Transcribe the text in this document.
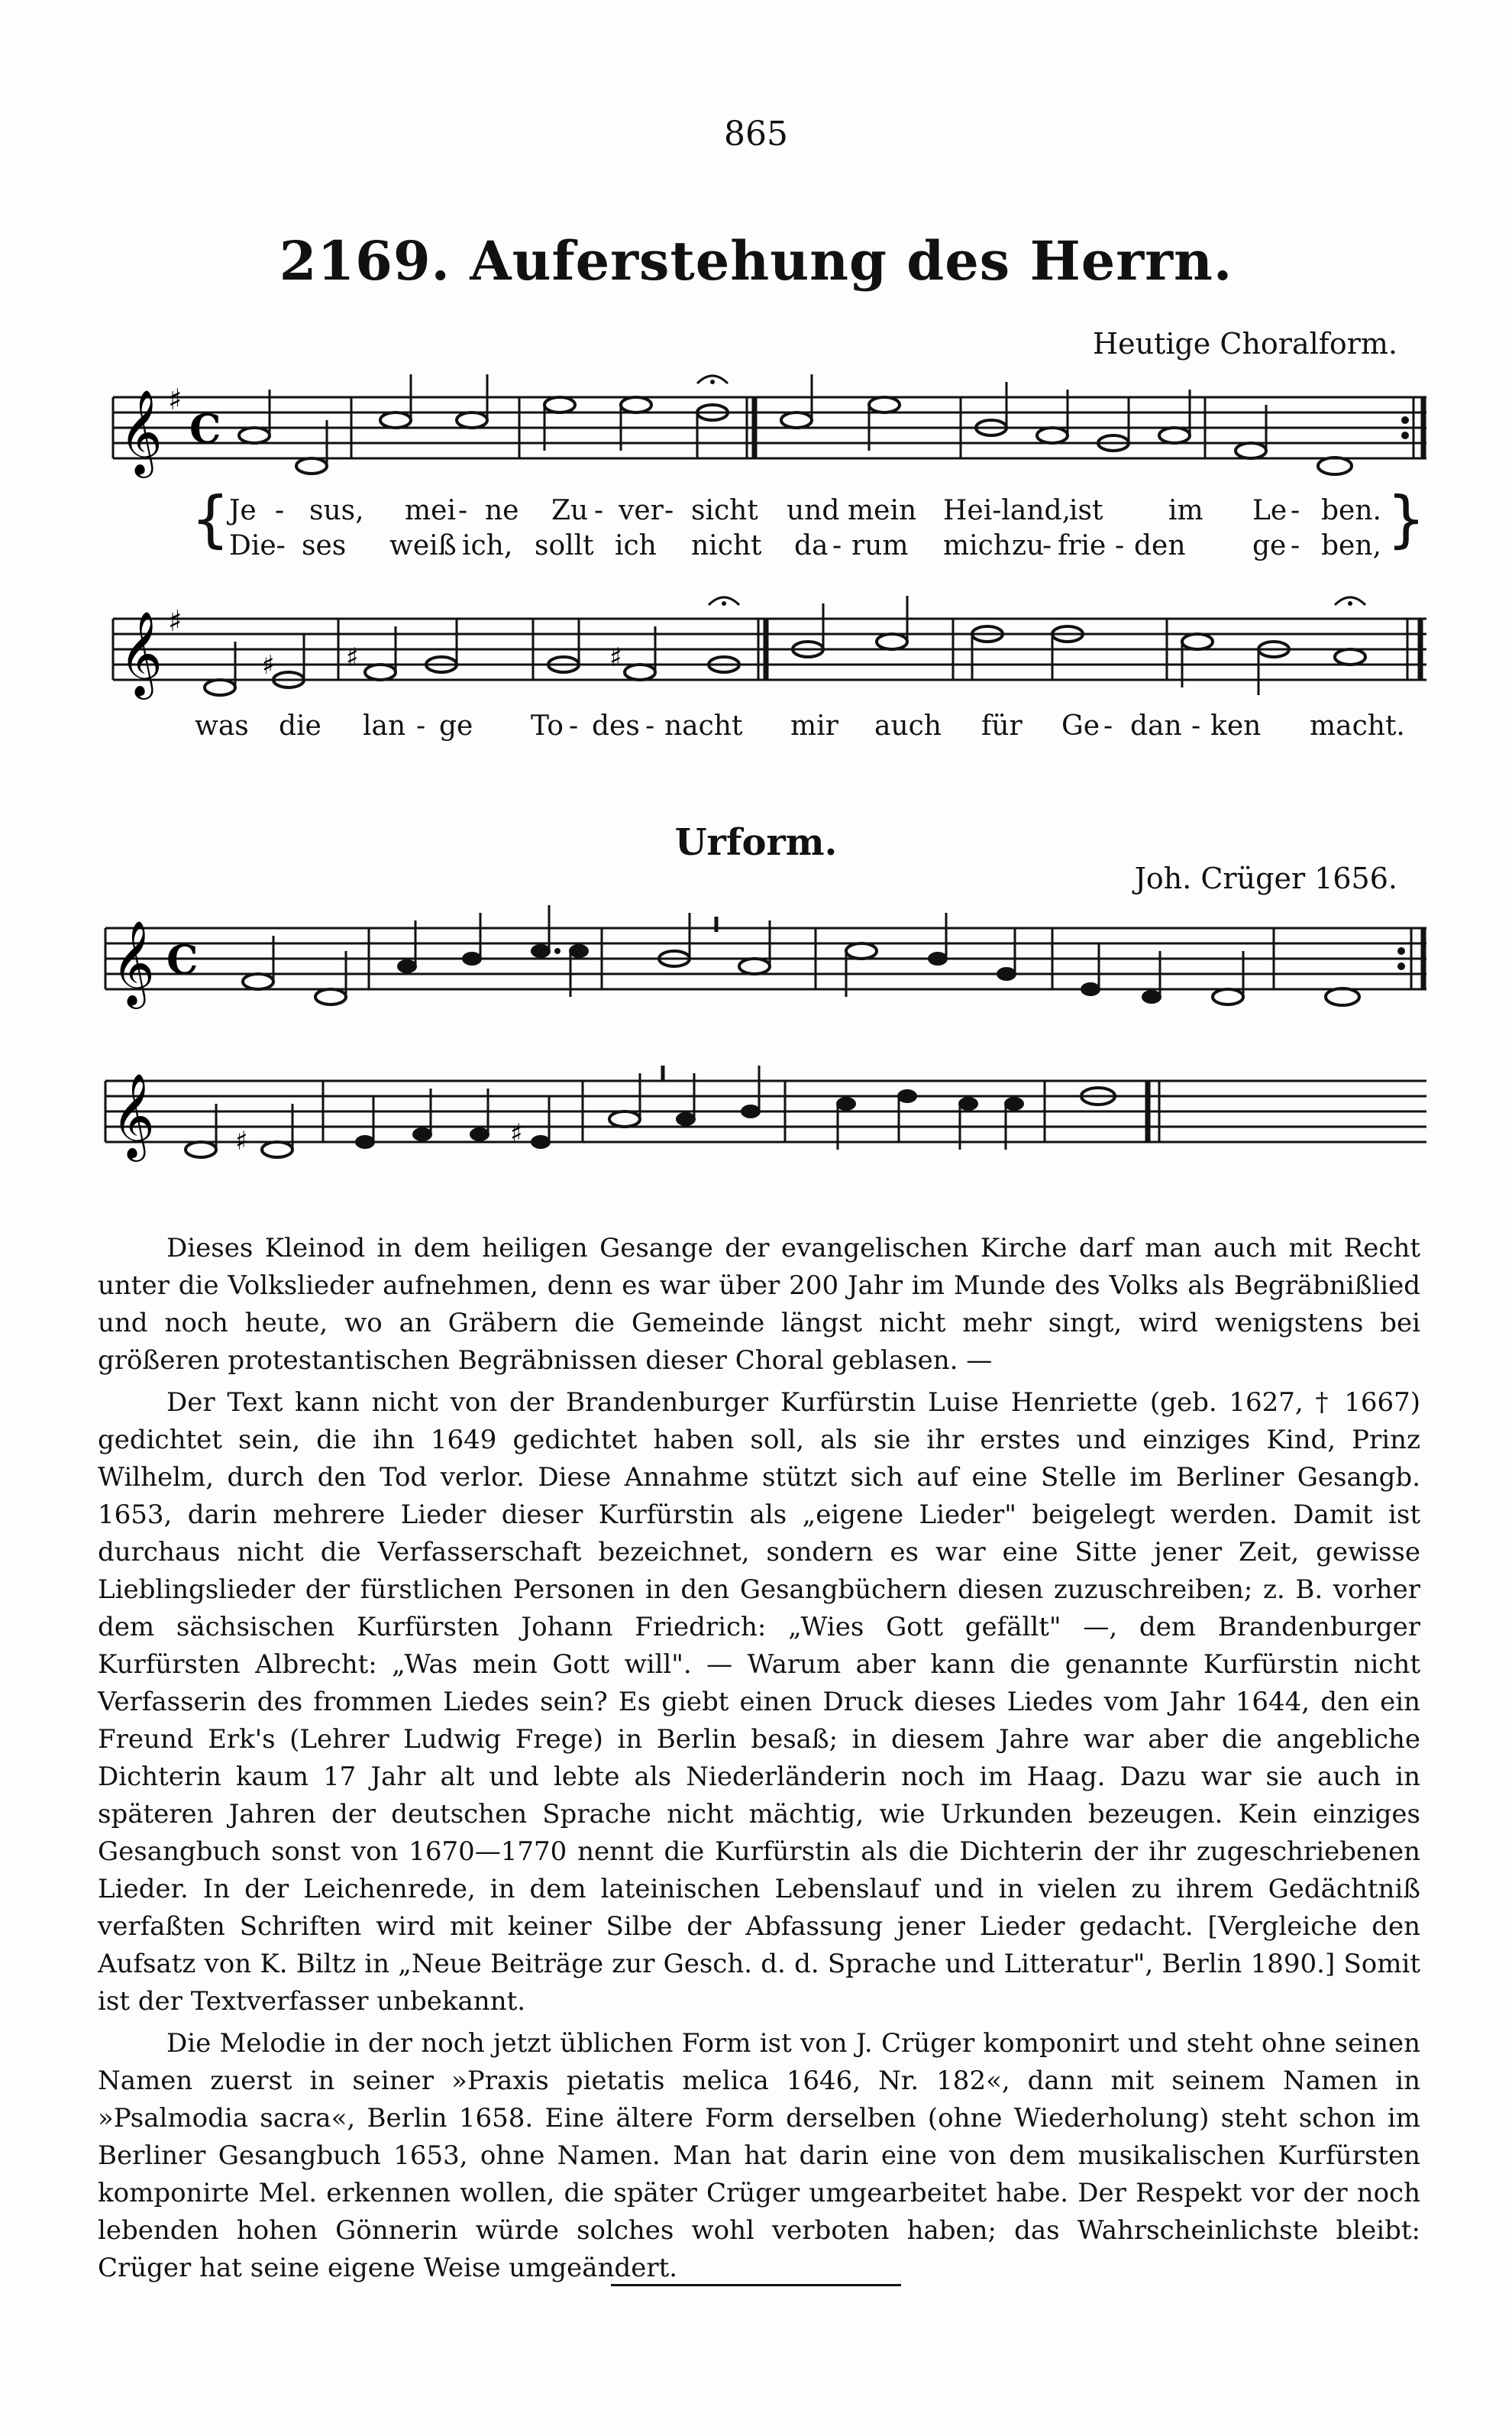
865
2169. Auferstehung des Herrn.
Heutige Choralform.
𝄞 ♯
C
{	}
Je - sus, mei - ne Zu - ver - sicht und mein Hei-land,
ist im Le - ben.
Die- ses weiß ich, sollt ich nicht da - rum mich zu
- frie - den ge - ben,
𝄞 ♯
♯	♯	♯
was die lan - ge To - des - nacht mir auch für Ge - dan - ken macht.
Urform.
Joh. Crüger 1656.
𝄞 C
𝄞	♯	♯

Dieses Kleinod in dem heiligen Gesange der evangelischen Kirche darf man auch mit Recht unter die Volkslieder aufnehmen, denn es war über 200 Jahr im Munde des Volks als Begräbnißlied und noch heute, wo an Gräbern die Gemeinde längst nicht mehr singt, wird wenigstens bei größeren protestantischen Begräbnissen dieser Choral geblasen. —

Der Text kann nicht von der Brandenburger Kurfürstin Luise Henriette (geb. 1627, † 1667) gedichtet sein, die ihn 1649 gedichtet haben soll, als sie ihr erstes und einziges Kind, Prinz Wilhelm, durch den Tod verlor. Diese Annahme stützt sich auf eine Stelle im Berliner Gesangb. 1653, darin mehrere Lieder dieser Kurfürstin als „eigene Lieder" beigelegt werden. Damit ist durchaus nicht die Verfasserschaft bezeichnet, sondern es war eine Sitte jener Zeit, gewisse Lieblingslieder der fürstlichen Personen in den Gesangbüchern diesen zuzuschreiben; z. B. vorher dem sächsischen Kurfürsten Johann Friedrich: „Wies Gott gefällt" —, dem Brandenburger Kurfürsten Albrecht: „Was mein Gott will". — Warum aber kann die genannte Kurfürstin nicht Verfasserin des frommen Liedes sein? Es giebt einen Druck dieses Liedes vom Jahr 1644, den ein Freund Erk's (Lehrer Ludwig Frege) in Berlin besaß; in diesem Jahre war aber die angebliche Dichterin kaum 17 Jahr alt und lebte als Niederländerin noch im Haag. Dazu war sie auch in späteren Jahren der deutschen Sprache nicht mächtig, wie Urkunden bezeugen. Kein einziges Gesangbuch sonst von 1670—1770 nennt die Kurfürstin als die Dichterin der ihr zugeschriebenen Lieder. In der Leichenrede, in dem lateinischen Lebenslauf und in vielen zu ihrem Gedächtniß verfaßten Schriften wird mit keiner Silbe der Abfassung jener Lieder gedacht. [Vergleiche den Aufsatz von K. Biltz in „Neue Beiträge zur Gesch. d. d. Sprache und Litteratur", Berlin 1890.] Somit ist der Textverfasser unbekannt.

Die Melodie in der noch jetzt üblichen Form ist von J. Crüger komponirt und steht ohne seinen Namen zuerst in seiner »Praxis pietatis melica 1646, Nr. 182«, dann mit seinem Namen in »Psalmodia sacra«, Berlin 1658. Eine ältere Form derselben (ohne Wiederholung) steht schon im Berliner Gesangbuch 1653, ohne Namen. Man hat darin eine von dem musikalischen Kurfürsten komponirte Mel. erkennen wollen, die später Crüger umgearbeitet habe. Der Respekt vor der noch lebenden hohen Gönnerin würde solches wohl verboten haben; das Wahrscheinlichste bleibt: Crüger hat seine eigene Weise umgeändert.
